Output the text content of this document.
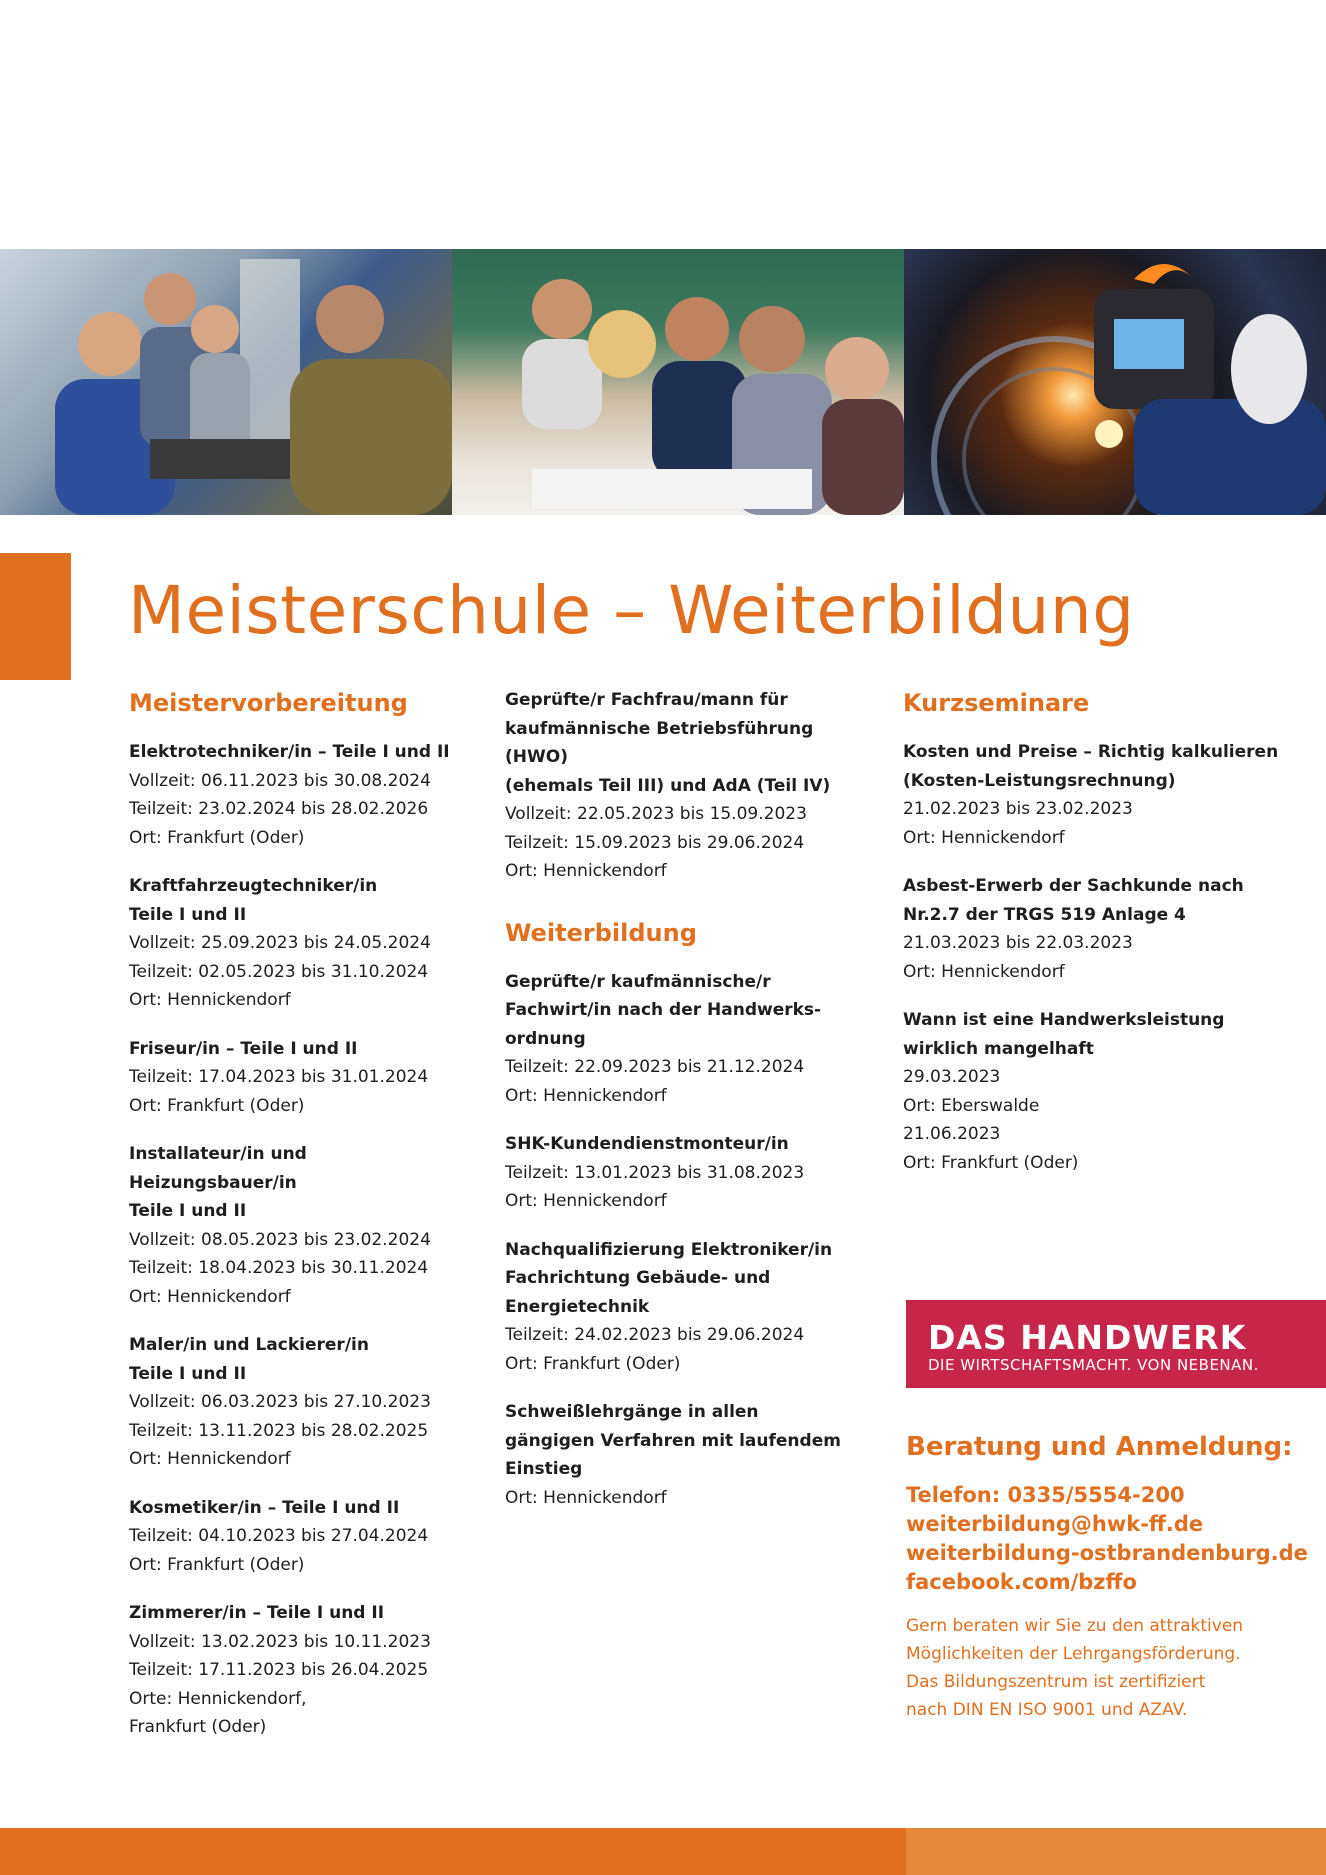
Meisterschule – Weiterbildung
Meistervorbereitung
Elektrotechniker/in – Teile I und II
Vollzeit: 06.11.2023 bis 30.08.2024
Teilzeit: 23.02.2024 bis 28.02.2026
Ort: Frankfurt (Oder)
Kraftfahrzeugtechniker/in
Teile I und II
Vollzeit: 25.09.2023 bis 24.05.2024
Teilzeit: 02.05.2023 bis 31.10.2024
Ort: Hennickendorf
Friseur/in – Teile I und II
Teilzeit: 17.04.2023 bis 31.01.2024
Ort: Frankfurt (Oder)
Installateur/in und Heizungsbauer/in
Teile I und II
Vollzeit: 08.05.2023 bis 23.02.2024
Teilzeit: 18.04.2023 bis 30.11.2024
Ort: Hennickendorf
Maler/in und Lackierer/in
Teile I und II
Vollzeit: 06.03.2023 bis 27.10.2023
Teilzeit: 13.11.2023 bis 28.02.2025
Ort: Hennickendorf
Kosmetiker/in – Teile I und II
Teilzeit: 04.10.2023 bis 27.04.2024
Ort: Frankfurt (Oder)
Zimmerer/in – Teile I und II
Vollzeit: 13.02.2023 bis 10.11.2023
Teilzeit: 17.11.2023 bis 26.04.2025
Orte: Hennickendorf,
Frankfurt (Oder)
Geprüfte/r Fachfrau/mann für
kaufmännische Betriebsführung (HWO)
(ehemals Teil III) und AdA (Teil IV)
Vollzeit: 22.05.2023 bis 15.09.2023
Teilzeit: 15.09.2023 bis 29.06.2024
Ort: Hennickendorf
Weiterbildung
Geprüfte/r kaufmännische/r
Fachwirt/in nach der Handwerks-
ordnung
Teilzeit: 22.09.2023 bis 21.12.2024
Ort: Hennickendorf
SHK-Kundendienstmonteur/in
Teilzeit: 13.01.2023 bis 31.08.2023
Ort: Hennickendorf
Nachqualifizierung Elektroniker/in
Fachrichtung Gebäude- und
Energietechnik
Teilzeit: 24.02.2023 bis 29.06.2024
Ort: Frankfurt (Oder)
Schweißlehrgänge in allen
gängigen Verfahren mit laufendem
Einstieg
Ort: Hennickendorf
Kurzseminare
Kosten und Preise – Richtig kalkulieren
(Kosten-Leistungsrechnung)
21.02.2023 bis 23.02.2023
Ort: Hennickendorf
Asbest-Erwerb der Sachkunde nach
Nr.2.7 der TRGS 519 Anlage 4
21.03.2023 bis 22.03.2023
Ort: Hennickendorf
Wann ist eine Handwerksleistung
wirklich mangelhaft
29.03.2023
Ort: Eberswalde
21.06.2023
Ort: Frankfurt (Oder)
DAS HANDWERK
DIE WIRTSCHAFTSMACHT. VON NEBENAN.
Beratung und Anmeldung:
Telefon: 0335/5554-200
weiterbildung@hwk-ff.de
weiterbildung-ostbrandenburg.de
facebook.com/bzffo
Gern beraten wir Sie zu den attraktiven
Möglichkeiten der Lehrgangsförderung.
Das Bildungszentrum ist zertifiziert
nach DIN EN ISO 9001 und AZAV.
